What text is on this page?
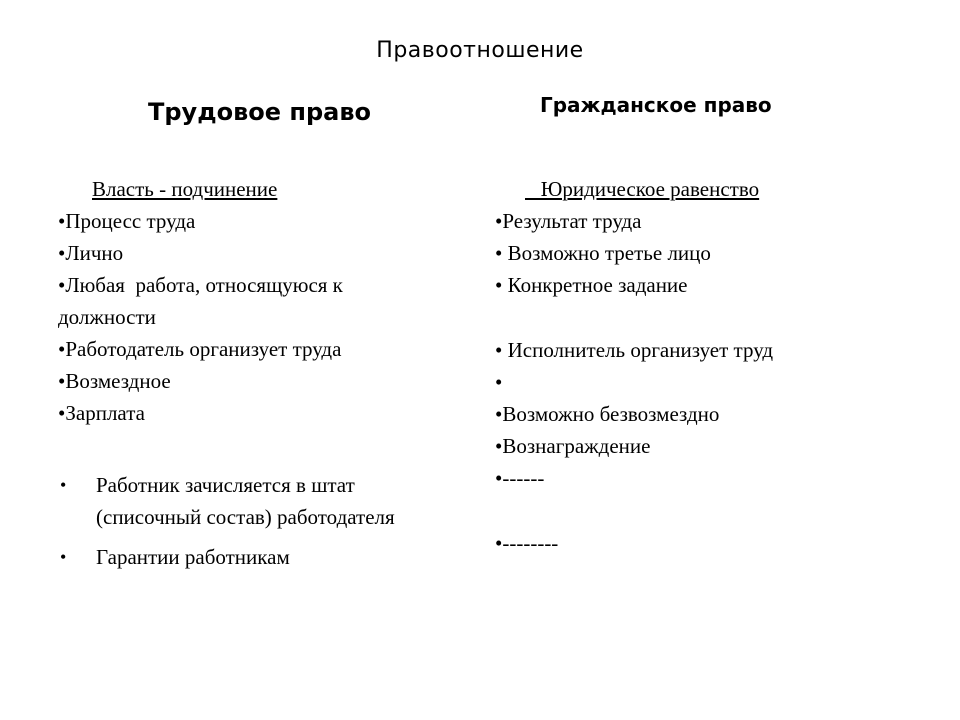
Правоотношение
Трудовое право	Гражданское право
Власть - подчинение

•Процесс труда

•Лично

•Любая  работа, относящуюся к должности

•Работодатель организует труда

•Возмездное

•Зарплата

•	Работник зачисляется в штат (списочный состав) работодателя
•	Гарантии работникам
Юридическое равенство

•Результат труда

• Возможно третье лицо

• Конкретное задание

• Исполнитель организует труд

•

•Возможно безвозмездно

•Вознаграждение

•------

•--------
